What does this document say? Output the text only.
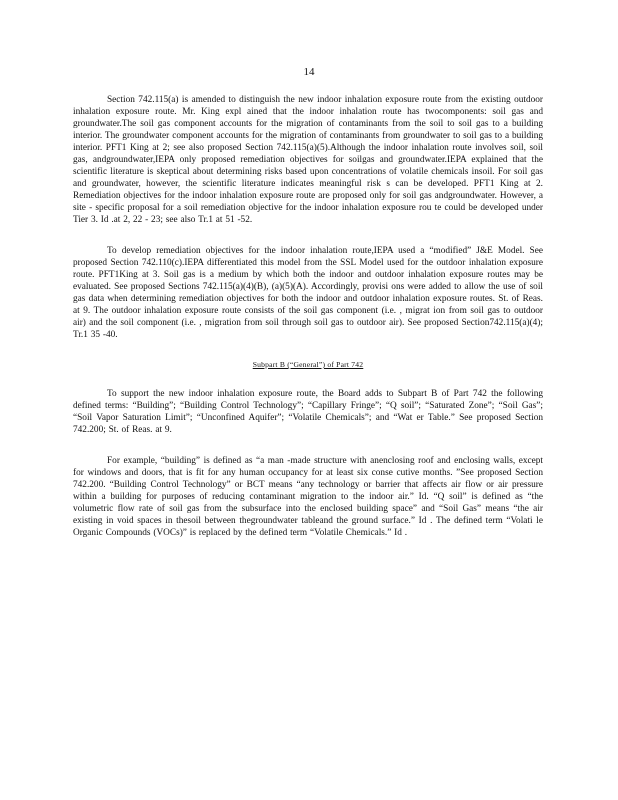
14

Section 742.115(a) is amended to distinguish the new indoor inhalation exposure route from the existing outdoor inhalation exposure route. Mr. King expl ained that the indoor inhalation route has twocomponents: soil gas and groundwater.The soil gas component accounts for the migration of contaminants from the soil to soil gas to a building interior. The groundwater component accounts for the migration of contaminants from groundwater to soil gas to a building interior. PFT1 King at 2; see also proposed Section 742.115(a)(5).Although the indoor inhalation route involves soil, soil gas, andgroundwater,IEPA only proposed remediation objectives for soilgas and groundwater.IEPA explained that the scientific literature is skeptical about determining risks based upon concentrations of volatile chemicals insoil. For soil gas and groundwater, however, the scientific literature indicates meaningful risk s can be developed. PFT1 King at 2. Remediation objectives for the indoor inhalation exposure route are proposed only for soil gas andgroundwater. However, a site - specific proposal for a soil remediation objective for the indoor inhalation exposure rou te could be developed under Tier 3. Id .at 2, 22 - 23; see also Tr.1 at 51 -52.

To develop remediation objectives for the indoor inhalation route,IEPA used a “modified” J&E Model. See proposed Section 742.110(c).IEPA differentiated this model from the SSL Model used for the outdoor inhalation exposure route. PFT1King at 3. Soil gas is a medium by which both the indoor and outdoor inhalation exposure routes may be evaluated. See proposed Sections 742.115(a)(4)(B), (a)(5)(A). Accordingly, provisi ons were added to allow the use of soil gas data when determining remediation objectives for both the indoor and outdoor inhalation exposure routes. St. of Reas. at 9. The outdoor inhalation exposure route consists of the soil gas component (i.e. , migrat ion from soil gas to outdoor air) and the soil component (i.e. , migration from soil through soil gas to outdoor air). See proposed Section742.115(a)(4); Tr.1 35 -40.

Subpart B (“General”) of Part 742

To support the new indoor inhalation exposure route, the Board adds to Subpart B of Part 742 the following defined terms: “Building”; “Building Control Technology”; “Capillary Fringe”; “Q soil”; “Saturated Zone”; “Soil Gas”; “Soil Vapor Saturation Limit”; “Unconfined Aquifer”; “Volatile Chemicals”; and “Wat er Table.” See proposed Section 742.200; St. of Reas. at 9.

For example, “building” is defined as “a man -made structure with anenclosing roof and enclosing walls, except for windows and doors, that is fit for any human occupancy for at least six conse cutive months. ”See proposed Section 742.200. “Building Control Technology” or BCT means “any technology or barrier that affects air flow or air pressure within a building for purposes of reducing contaminant migration to the indoor air.” Id. “Q soil” is defined as “the volumetric flow rate of soil gas from the subsurface into the enclosed building space” and “Soil Gas” means “the air existing in void spaces in thesoil between thegroundwater tableand the ground surface.” Id . The defined term “Volati le Organic Compounds (VOCs)” is replaced by the defined term “Volatile Chemicals.” Id .
